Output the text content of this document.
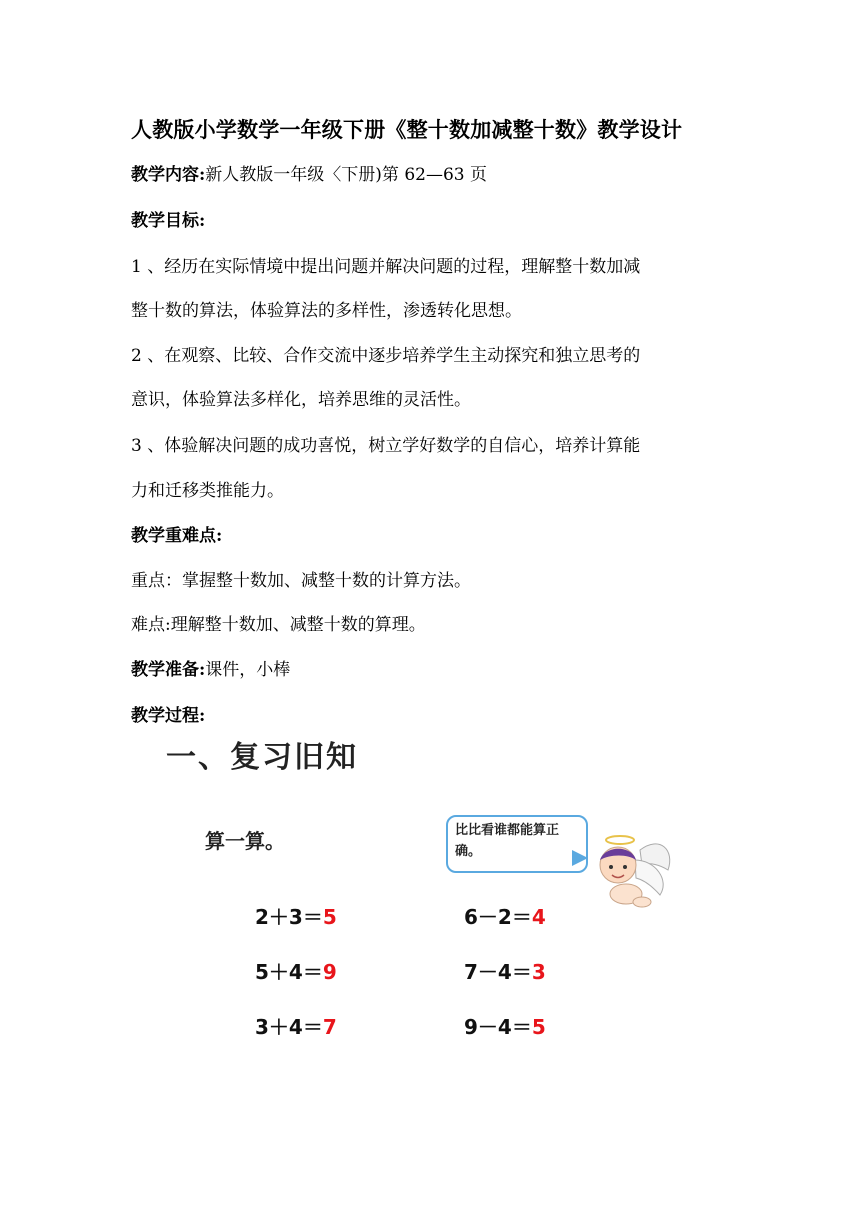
人教版小学数学一年级下册《整十数加减整十数》教学设计
教学内容:新人教版一年级〈下册)第 62—63 页
教学目标:
1 、经历在实际情境中提出问题并解决问题的过程，理解整十数加减
整十数的算法，体验算法的多样性，渗透转化思想。
2 、在观察、比较、合作交流中逐步培养学生主动探究和独立思考的
意识，体验算法多样化，培养思维的灵活性。
3 、体验解决问题的成功喜悦，树立学好数学的自信心，培养计算能
力和迁移类推能力。
教学重难点:
重点：掌握整十数加、减整十数的计算方法。
难点:理解整十数加、减整十数的算理。
教学准备:课件，小棒
教学过程:
一、复习旧知
算一算。	比比看谁都能算正确。
2＋3＝5
5＋4＝9
3＋4＝7
6－2＝4
7－4＝3
9－4＝5
